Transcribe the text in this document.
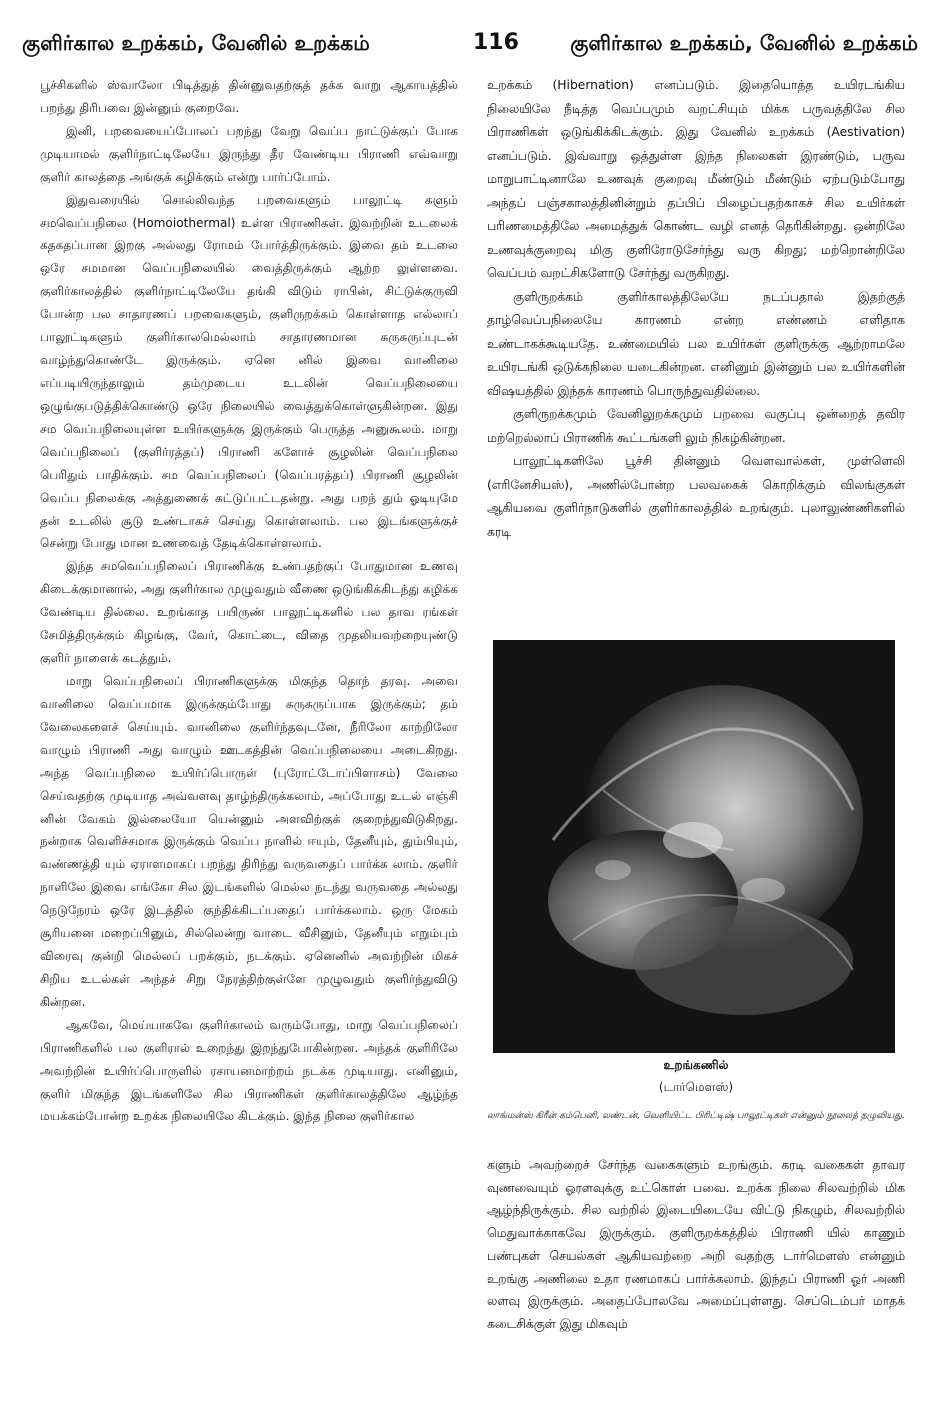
குளிர்கால உறக்கம், வேனில் உறக்கம்	116	குளிர்கால உறக்கம், வேனில் உறக்கம்

பூச்சிகளில் ஸ்வாலோ பிடித்துத் தின்னுவதற்குத் தக்க வாறு ஆகாயத்தில் பறந்து திரிபவை இன்னும் குறைவே.

இனி, பறவையைப்போலப் பறந்து வேறு வெப்ப நாட்டுக்குப் போக முடியாமல் குளிர்நாட்டிலேயே இருந்து தீர வேண்டிய பிராணி எவ்வாறு குளிர் காலத்தை அங்குக் கழிக்கும் என்று பார்ப்போம்.

இதுவரையில் சொல்லிவந்த பறவைகளும் பாலூட்டி களும் சமவெப்பநிலை (Homoiothermal) உள்ள பிராணிகள். இவற்றின் உடலைக் கதகதப்பான இறகு அல்லது ரோமம் போர்த்திருக்கும். இவை தம் உடலை ஒரே சமமான வெப்பநிலையில் வைத்திருக்கும் ஆற்ற லுள்ளவை. குளிர்காலத்தில் குளிர்நாட்டிலேயே தங்கி விடும் ராபின், சிட்டுக்குருவி போன்ற பல சாதாரணப் பறவைகளும், குளிருறக்கம் கொள்ளாத எல்லாப் பாலூட்டிகளும் குளிர்காலமெல்லாம் சாதாரணமான சுருசுருப்புடன் வாழ்ந்துகொண்டே இருக்கும். ஏனெ னில் இவை வானிலை எப்படியிருந்தாலும் தம்முடைய உடலின் வெப்பநிலையை ஒழுங்குபடுத்திக்கொண்டு ஒரே நிலையில் வைத்துக்கொள்ளுகின்றன. இது சம வெப்பநிலையுள்ள உயிர்களுக்கு இருக்கும் பெருத்த அனுகூலம். மாறு வெப்பநிலைப் (குளிர்ரத்தப்) பிராணி களோச் சூழலின் வெப்பநிலை பெரிதும் பாதிக்கும். சம வெப்பநிலைப் (வெப்பரத்தப்) பிராணி சூழலின் வெப்ப நிலைக்கு அத்துணைக் கட்டுப்பட்டதன்று. அது பறந் தும் ஓடியுமே தன் உடலில் சூடு உண்டாகச் செய்து கொள்ளலாம். பல இடங்களுக்குச் சென்று போது மான உணவைத் தேடிக்கொள்ளலாம்.

இந்த சமவெப்பநிலைப் பிராணிக்கு உண்பதற்குப் போதுமான உணவு கிடைக்குமானால், அது குளிர்கால முழுவதும் வீணை ஒடுங்கிக்கிடந்து கழிக்க வேண்டிய தில்லை. உறங்காத பயிருண் பாலூட்டிகளில் பல தாவ ரங்கள் சேமித்திருக்கும் கிழங்கு, வேர், கொட்டை, விதை முதலியவற்றையுண்டு குளிர் நாளைக் கடத்தும்.

மாறு வெப்பநிலைப் பிராணிகளுக்கு மிகுந்த தொந் தரவு. அவை வானிலை வெப்பமாக இருக்கும்போது சுருசுருப்பாக இருக்கும்; தம் வேலைகளைச் செய்யும். வானிலை குளிர்ந்தவுடனே, நீரிலோ காற்றிலோ வாழும் பிராணி அது வாழும் ஊடகத்தின் வெப்பநிலையை அடைகிறது. அந்த வெப்பநிலை உயிர்ப்பொருள் (புரோட்டோப்பிளாசம்) வேலை செய்வதற்கு முடியாத அவ்வளவு தாழ்ந்திருக்கலாம், அப்போது உடல் எஞ்சி னின் வேகம் இல்லையோ யென்னும் அளவிற்குக் குறைந்துவிடுகிறது. நன்றாக வெளிச்சமாக இருக்கும் வெப்ப நாளில் ஈயும், தேனீயும், தும்பியும், வண்ணத்தி யும் ஏராளமாகப் பறந்து திரிந்து வருவதைப் பார்க்க லாம். குளிர் நாளிலே இவை எங்கோ சில இடங்களில் மெல்ல நடந்து வருவதை அல்லது நெடுநேரம் ஒரே இடத்தில் குந்திக்கிடப்பதைப் பார்க்கலாம். ஒரு மேகம் சூரியனை மறைப்பினும், சில்லென்று வாடை வீசினும், தேனீயும் எறும்பும் விரைவு குன்றி மெல்லப் பறக்கும், நடக்கும். ஏனெனில் அவற்றின் மிகச் சிறிய உடல்கள் அந்தச் சிறு நேரத்திற்குள்ளே முழுவதும் குளிர்ந்துவிடு கின்றன.

ஆகவே, மெய்யாகவே குளிர்காலம் வரும்போது, மாறு வெப்பநிலைப் பிராணிகளில் பல குளிரால் உறைந்து இறந்துபோகின்றன. அந்தக் குளிரிலே அவற்றின் உயிர்ப்பொருளில் ரசாயனமாற்றம் நடக்க முடியாது. எனினும், குளிர் மிகுந்த இடங்களிலே சில பிராணிகள் குளிர்காலத்திலே ஆழ்ந்த மயக்கம்போன்ற உறக்க நிலையிலே கிடக்கும். இந்த நிலை குளிர்கால

உறக்கம் (Hibernation) எனப்படும். இதையொத்த உயிரடங்கிய நிலையிலே நீடித்த வெப்பமும் வறட்சியும் மிக்க பருவத்திலே சில பிராணிகள் ஒடுங்கிக்கிடக்கும். இது வேனில் உறக்கம் (Aestivation) எனப்படும். இவ்வாறு ஒத்துள்ள இந்த நிலைகள் இரண்டும், பருவ மாறுபாட்டினாலே உணவுக் குறைவு மீண்டும் மீண்டும் ஏற்படும்போது அந்தப் பஞ்சகாலத்தினின்றும் தப்பிப் பிழைப்பதற்காகச் சில உயிர்கள் பரிணமைத்திலே அமைத்துக் கொண்ட வழி எனத் தெரிகின்றது. ஒன்றிலே உணவுக்குறைவு மிகு குளிரோடுசேர்ந்து வரு கிறது; மற்றொன்றிலே வெப்பம் வறட்சிகளோடு சேர்ந்து வருகிறது.

குளிருறக்கம் குளிர்காலத்திலேயே நடப்பதால் இதற்குத் தாழ்வெப்பநிலையே காரணம் என்ற எண்ணம் எளிதாக உண்டாகக்கூடியதே. உண்மையில் பல உயிர்கள் குளிருக்கு ஆற்றாமலே உயிரடங்கி ஒடுக்கநிலை யடைகின்றன. எனினும் இன்னும் பல உயிர்களின் விஷயத்தில் இந்தக் காரணம் பொருந்துவதில்லை.

குளிருறக்கமும் வேனிலுறக்கமும் பறவை வகுப்பு ஒன்றைத் தவிர மற்றெல்லாப் பிராணிக் கூட்டங்களி லும் நிகழ்கின்றன.

பாலூட்டிகளிலே பூச்சி தின்னும் வௌவால்கள், முள்ளெலி (எரினேசியஸ்), அணில்போன்ற பலவகைக் கொறிக்கும் விலங்குகள் ஆகியவை குளிர்நாடுகளில் குளிர்காலத்தில் உறங்கும். புலாலுண்ணிகளில் கரடி

உறங்கணில்
(டார்மௌஸ்)
லாங்மன்ஸ் கிரீன் கம்பெனி, லண்டன், வெளியிட்ட பிரிட்டிஷ் பாலூட்டிகள் என்னும் நூலைத் தழுவியது.

களும் அவற்றைச் சேர்ந்த வகைகளும் உறங்கும். கரடி வகைகள் தாவர வுணவையும் ஓரளவுக்கு உட்கொள் பவை. உறக்க நிலை சிலவற்றில் மிக ஆழ்ந்திருக்கும். சில வற்றில் இடையிடையே விட்டு நிகழும், சிலவற்றில் மெதுவாக்காகவே இருக்கும். குளிருறக்கத்தில் பிராணி யில் காணும் பண்புகள் செயல்கள் ஆகியவற்றை அறி வதற்கு டார்மௌஸ் என்னும் உறங்கு அணிலை உதா ரணமாகப் பார்க்கலாம். இந்தப் பிராணி ஓர் அணி லளவு இருக்கும். அதைப்போலவே அமைப்புள்ளது. செப்டெம்பர் மாதக் கடைசிக்குள் இது மிகவும்
